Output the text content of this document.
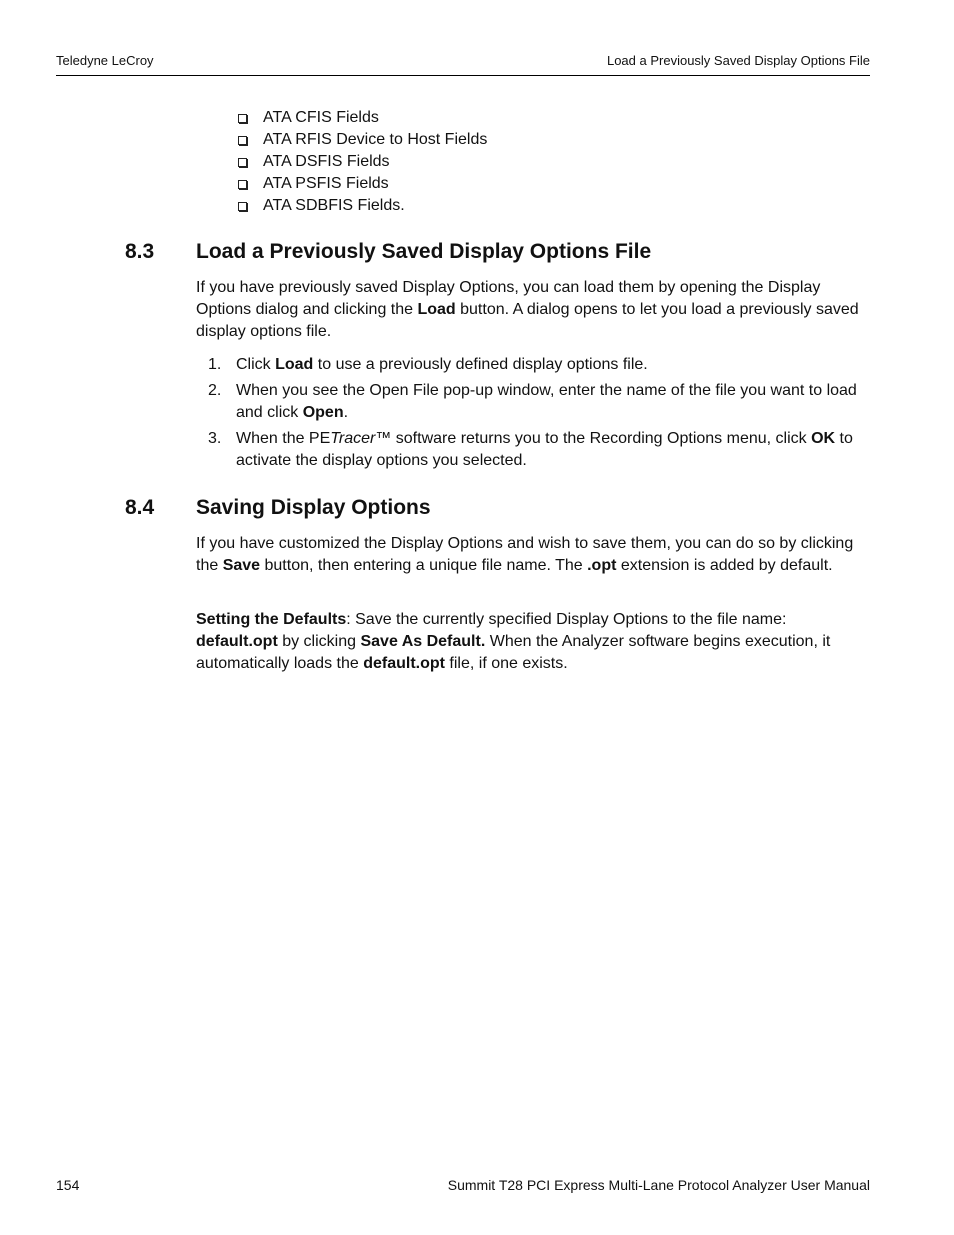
Teledyne LeCroy	Load a Previously Saved Display Options File
ATA CFIS Fields
ATA RFIS Device to Host Fields
ATA DSFIS Fields
ATA PSFIS Fields
ATA SDBFIS Fields.
8.3 Load a Previously Saved Display Options File

If you have previously saved Display Options, you can load them by opening the Display Options dialog and clicking the Load button. A dialog opens to let you load a previously saved display options file.

1. Click Load to use a previously defined display options file.
2. When you see the Open File pop-up window, enter the name of the file you want to load and click Open.
3. When the PETracer™ software returns you to the Recording Options menu, click OK to activate the display options you selected.
8.4 Saving Display Options

If you have customized the Display Options and wish to save them, you can do so by clicking the Save button, then entering a unique file name. The .opt extension is added by default.

Setting the Defaults: Save the currently specified Display Options to the file name: default.opt by clicking Save As Default. When the Analyzer software begins execution, it automatically loads the default.opt file, if one exists.

154	Summit T28 PCI Express Multi-Lane Protocol Analyzer User Manual
